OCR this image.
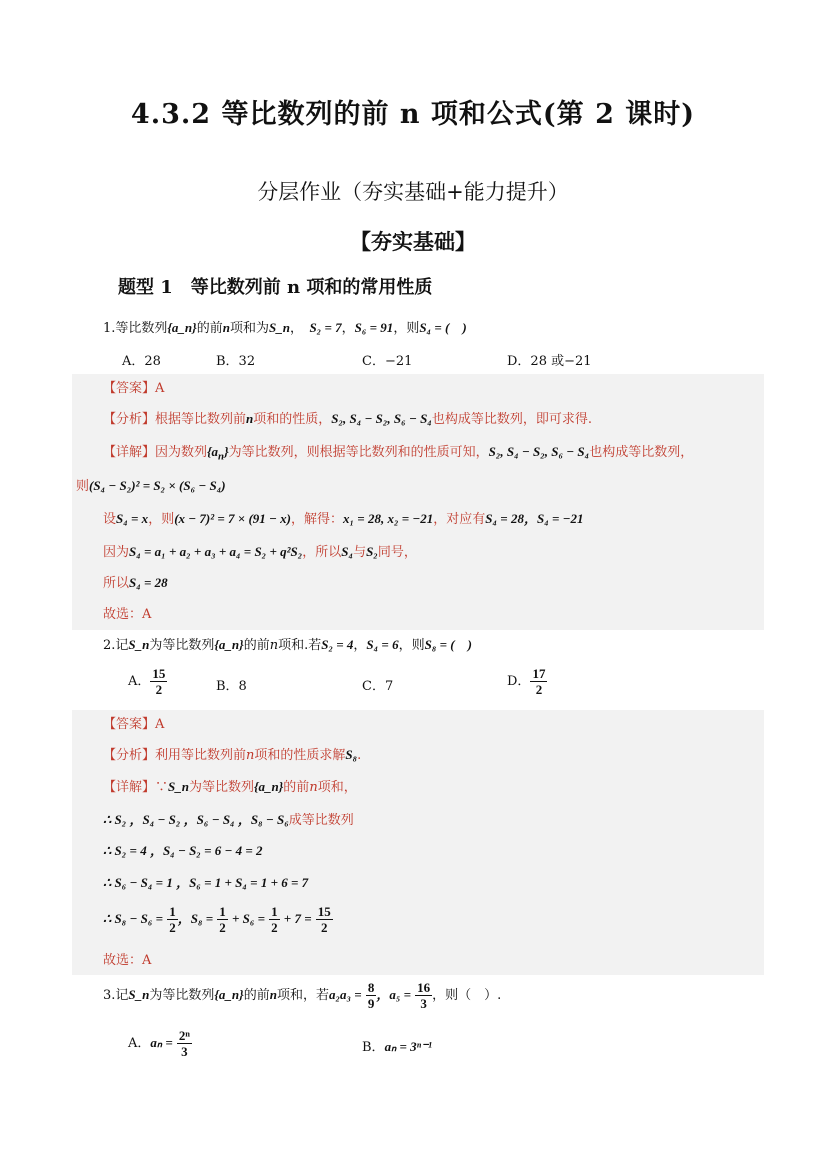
4.3.2 等比数列的前 n 项和公式(第 2 课时)
分层作业（夯实基础+能力提升）
【夯实基础】
题型 1　等比数列前 n 项和的常用性质
1.等比数列{a_n}的前n项和为S_n，　S₂ = 7，S₆ = 91，则S₄ = (　)
A．28	B．32	C．−21	D．28 或−21
【答案】A
【分析】根据等比数列前n项和的性质，S₂, S₄ − S₂, S₆ − S₄也构成等比数列，即可求得.
【详解】因为数列$\{a_n\}$为等比数列，则根据等比数列和的性质可知，S₂, S₄ − S₂, S₆ − S₄也构成等比数列，
则(S₄ − S₂)² = S₂ × (S₆ − S₄)
设S₄ = x，则(x − 7)² = 7 × (91 − x)，解得：x₁ = 28, x₂ = −21，对应有S₄ = 28，S₄ = −21
因为S₄ = a₁ + a₂ + a₃ + a₄ = S₂ + q²S₂，所以S₄与S₂同号，
所以S₄ = 28
故选：A
2.记S_n为等比数列{a_n}的前n项和.若S₂ = 4，S₄ = 6，则S₈ = (　)
A． $\frac{15}{2}$	B．8	C．7	D． $\frac{17}{2}$
【答案】A
【分析】利用等比数列前n项和的性质求解S₈.
【详解】∵S_n为等比数列{a_n}的前n项和，
∴ S₂ ，S₄ − S₂ ，S₆ − S₄ ，S₈ − S₆成等比数列
∴ S₂ = 4 ，S₄ − S₂ = 6 − 4 = 2
∴ S₆ − S₄ = 1 ，S₆ = 1 + S₄ = 1 + 6 = 7
∴ $S_8 - S_6 = \frac{1}{2}$ ，$S_8 = \frac{1}{2} + S_6 = \frac{1}{2} + 7 = \frac{15}{2}$
故选：A
3.记S_n为等比数列{a_n}的前n项和，若$a_2a_3 = \frac{8}{9}$ ，$a_5 = \frac{16}{3}$ ，则（　）.
A．$a_n = \frac{\text{2ⁿ}}{3}$	B．aₙ = 3ⁿ⁻¹
